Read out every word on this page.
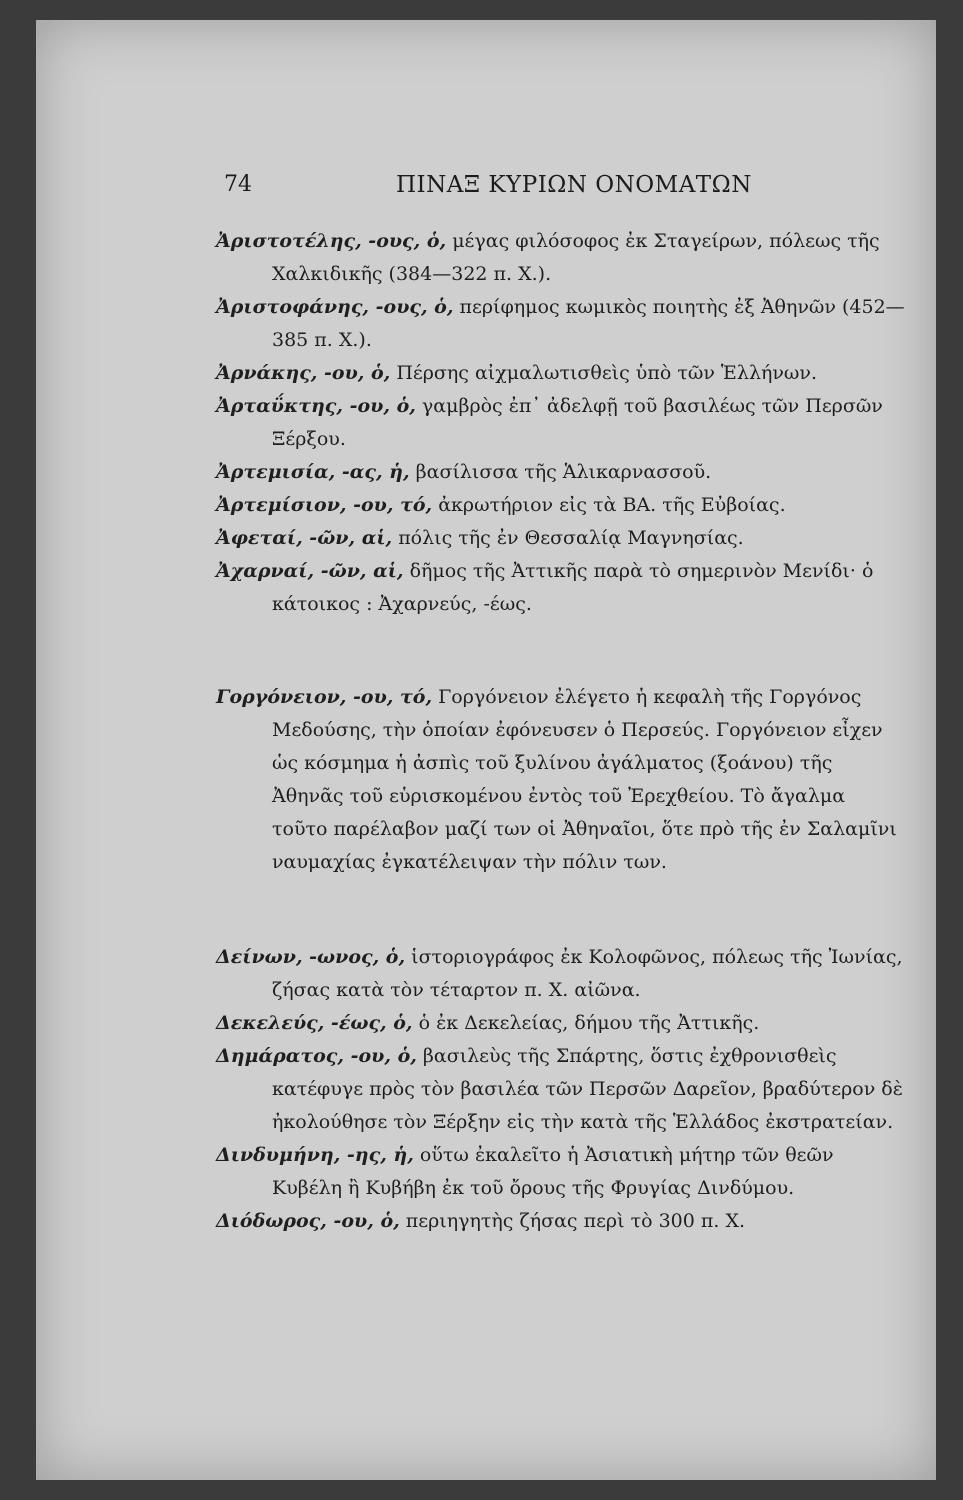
74	ΠΙΝΑΞ ΚΥΡΙΩΝ ΟΝΟΜΑΤΩΝ

Ἀριστοτέλης, -ους, ὁ, μέγας φιλόσοφος ἐκ Σταγείρων, πόλεως τῆς Χαλκιδικῆς (384—322 π. Χ.).

Ἀριστοφάνης, -ους, ὁ, περίφημος κωμικὸς ποιητὴς ἐξ Ἀθηνῶν (452—385 π. Χ.).

Ἀρνάκης, -ου, ὁ, Πέρσης αἰχμαλωτισθεὶς ὑπὸ τῶν Ἑλλήνων.

Ἀρταΰκτης, -ου, ὁ, γαμβρὸς ἐπ᾽ ἀδελφῇ τοῦ βασιλέως τῶν Περσῶν Ξέρξου.

Ἀρτεμισία, -ας, ἡ, βασίλισσα τῆς Ἁλικαρνασσοῦ.

Ἀρτεμίσιον, -ου, τό, ἀκρωτήριον εἰς τὰ ΒΑ. τῆς Εὐβοίας.

Ἀφεταί, -ῶν, αἱ, πόλις τῆς ἐν Θεσσαλίᾳ Μαγνησίας.

Ἀχαρναί, -ῶν, αἱ, δῆμος τῆς Ἀττικῆς παρὰ τὸ σημερινὸν Μενίδι· ὁ κάτοικος : Ἀχαρνεύς, -έως.

Γοργόνειον, -ου, τό, Γοργόνειον ἐλέγετο ἡ κεφαλὴ τῆς Γοργόνος Μεδούσης, τὴν ὁποίαν ἐφόνευσεν ὁ Περσεύς. Γοργόνειον εἶχεν ὡς κόσμημα ἡ ἀσπὶς τοῦ ξυλίνου ἀγάλματος (ξοάνου) τῆς Ἀθηνᾶς τοῦ εὑρισκομένου ἐντὸς τοῦ Ἐρεχθείου. Τὸ ἄγαλμα τοῦτο παρέλαβον μαζί των οἱ Ἀθηναῖοι, ὅτε πρὸ τῆς ἐν Σαλαμῖνι ναυμαχίας ἐγκατέλειψαν τὴν πόλιν των.

Δείνων, -ωνος, ὁ, ἱστοριογράφος ἐκ Κολοφῶνος, πόλεως τῆς Ἰωνίας, ζήσας κατὰ τὸν τέταρτον π. Χ. αἰῶνα.

Δεκελεύς, -έως, ὁ, ὁ ἐκ Δεκελείας, δήμου τῆς Ἀττικῆς.

Δημάρατος, -ου, ὁ, βασιλεὺς τῆς Σπάρτης, ὅστις ἐχθρονισθεὶς κατέφυγε πρὸς τὸν βασιλέα τῶν Περσῶν Δαρεῖον, βραδύτερον δὲ ἠκολούθησε τὸν Ξέρξην εἰς τὴν κατὰ τῆς Ἑλλάδος ἐκστρατείαν.

Δινδυμήνη, -ης, ἡ, οὕτω ἐκαλεῖτο ἡ Ἀσιατικὴ μήτηρ τῶν θεῶν Κυβέλη ἢ Κυβήβη ἐκ τοῦ ὄρους τῆς Φρυγίας Δινδύμου.

Διόδωρος, -ου, ὁ, περιηγητὴς ζήσας περὶ τὸ 300 π. Χ.
